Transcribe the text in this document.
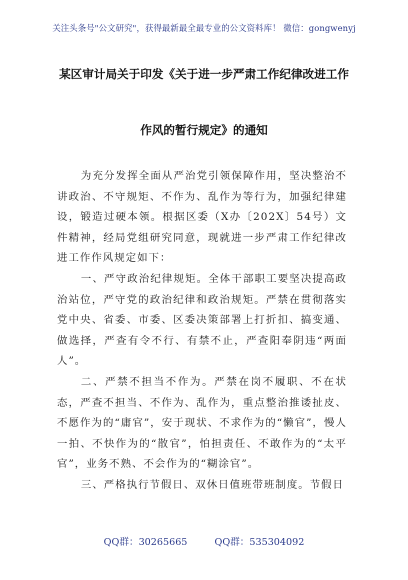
关注头条号"公文研究"，获得最新最全最专业的公文资料库！ 微信：gongwenyj
某区审计局关于印发《关于进一步严肃工作纪律改进工作
作风的暂行规定》的通知

为充分发挥全面从严治党引领保障作用，坚决整治不讲政治、不守规矩、不作为、乱作为等行为，加强纪律建设，锻造过硬本领。根据区委（X办〔202X〕54号）文件精神，经局党组研究同意，现就进一步严肃工作纪律改进工作作风规定如下：

一、严守政治纪律规矩。全体干部职工要坚决提高政治站位，严守党的政治纪律和政治规矩。严禁在贯彻落实党中央、省委、市委、区委决策部署上打折扣、搞变通、做选择，严查有令不行、有禁不止，严查阳奉阴违“两面人”。

二、严禁不担当不作为。严禁在岗不履职、不在状态，严查不担当、不作为、乱作为，重点整治推诿扯皮、不愿作为的“庸官”，安于现状、不求作为的“懒官”，慢人一拍、不快作为的“散官”，怕担责任、不敢作为的“太平官”，业务不熟、不会作为的“糊涂官”。

三、严格执行节假日、双休日值班带班制度。节假日

QQ群：30265665	QQ群：535304092
